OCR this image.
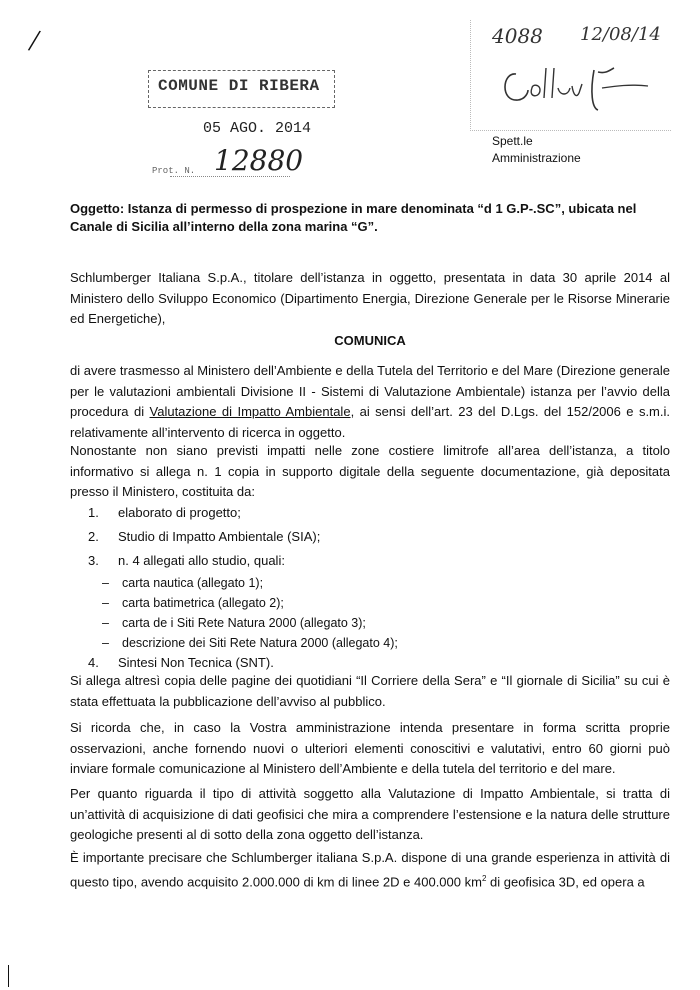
/
COMUNE DI RIBERA
05 AGO. 2014
Prot. N. 12880
4088 12/08/14
Spett.le
Amministrazione
Oggetto: Istanza di permesso di prospezione in mare denominata “d 1 G.P-.SC”, ubicata nel Canale di Sicilia all’interno della zona marina “G”.
Schlumberger Italiana S.p.A., titolare dell’istanza in oggetto, presentata in data 30 aprile 2014 al Ministero dello Sviluppo Economico (Dipartimento Energia, Direzione Generale per le Risorse Minerarie ed Energetiche),
COMUNICA
di avere trasmesso al Ministero dell’Ambiente e della Tutela del Territorio e del Mare (Direzione generale per le valutazioni ambientali Divisione II - Sistemi di Valutazione Ambientale) istanza per l’avvio della procedura di Valutazione di Impatto Ambientale, ai sensi dell’art. 23 del D.Lgs. del 152/2006 e s.m.i. relativamente all’intervento di ricerca in oggetto.
Nonostante non siano previsti impatti nelle zone costiere limitrofe all’area dell’istanza, a titolo informativo si allega n. 1 copia in supporto digitale della seguente documentazione, già depositata presso il Ministero, costituita da:
1. elaborato di progetto;
2. Studio di Impatto Ambientale (SIA);
3. n. 4 allegati allo studio, quali:
– carta nautica (allegato 1);
– carta batimetrica (allegato 2);
– carta de i Siti Rete Natura 2000 (allegato 3);
– descrizione dei Siti Rete Natura 2000 (allegato 4);
4. Sintesi Non Tecnica (SNT).
Si allega altresì copia delle pagine dei quotidiani “Il Corriere della Sera” e “Il giornale di Sicilia” su cui è stata effettuata la pubblicazione dell’avviso al pubblico.
Si ricorda che, in caso la Vostra amministrazione intenda presentare in forma scritta proprie osservazioni, anche fornendo nuovi o ulteriori elementi conoscitivi e valutativi, entro 60 giorni può inviare formale comunicazione al Ministero dell’Ambiente e della tutela del territorio e del mare.
Per quanto riguarda il tipo di attività soggetto alla Valutazione di Impatto Ambientale, si tratta di un’attività di acquisizione di dati geofisici che mira a comprendere l’estensione e la natura delle strutture geologiche presenti al di sotto della zona oggetto dell’istanza.
È importante precisare che Schlumberger italiana S.p.A. dispone di una grande esperienza in attività di questo tipo, avendo acquisito 2.000.000 di km di linee 2D e 400.000 $km^2$ di geofisica 3D, ed opera a
